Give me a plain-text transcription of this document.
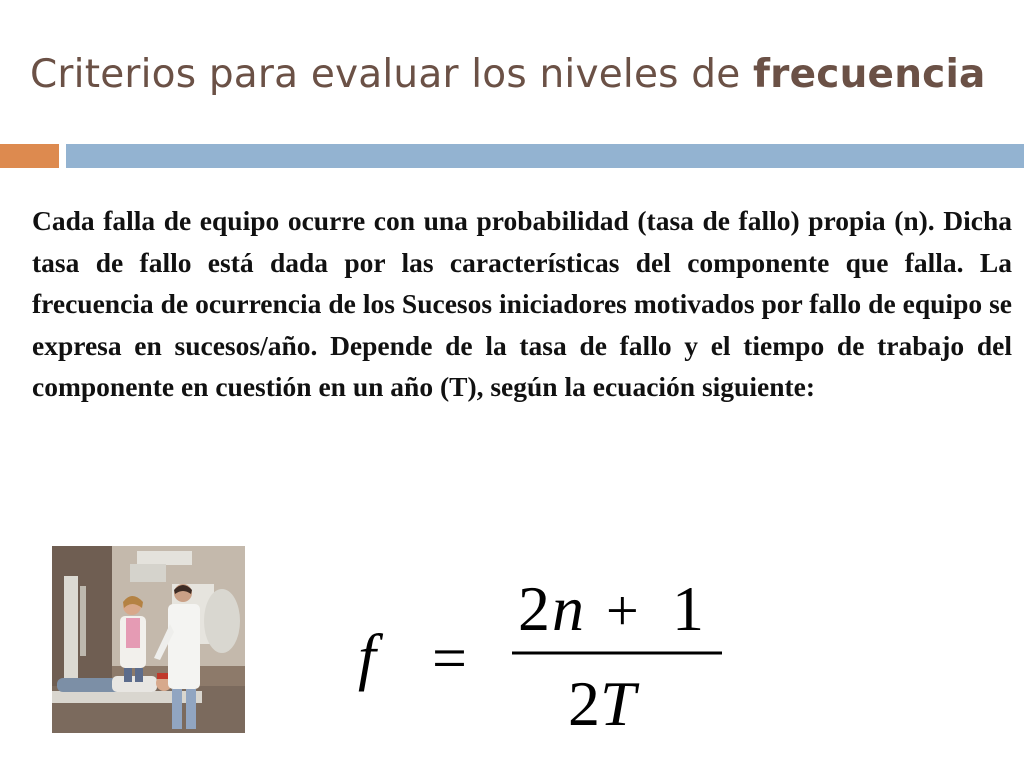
Criterios para evaluar los niveles de frecuencia

Cada falla de equipo ocurre con una probabilidad (tasa de fallo) propia (n). Dicha tasa de fallo está dada por las características del componente que falla. La frecuencia de ocurrencia de los Sucesos iniciadores motivados por fallo de equipo se expresa en sucesos/año. Depende de la tasa de fallo y el tiempo de trabajo del componente en cuestión en un año (T), según la ecuación siguiente:

f =
2 n + 1
2 T
